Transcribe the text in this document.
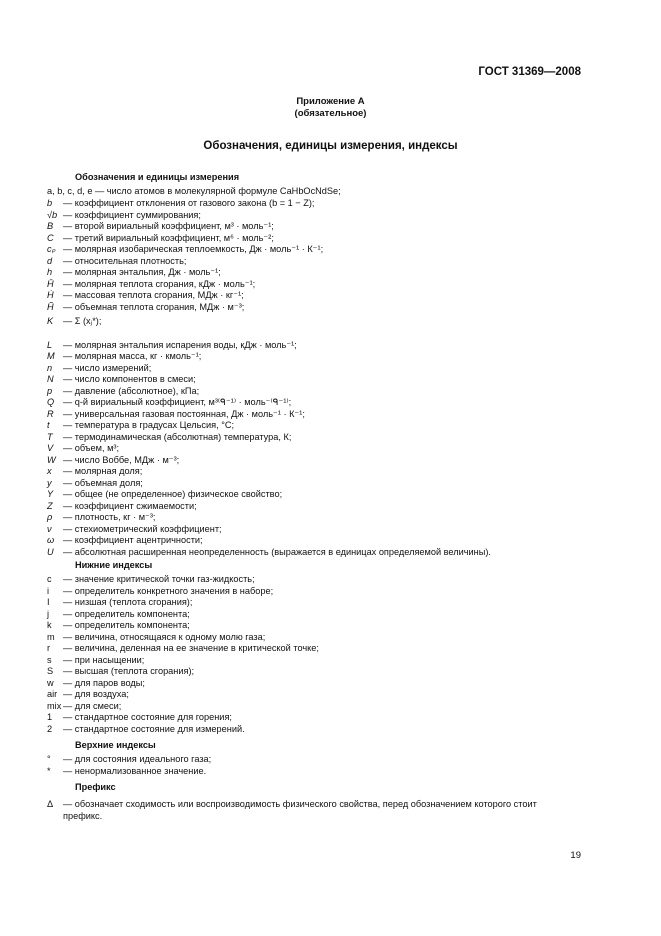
ГОСТ 31369—2008
Приложение А
(обязательное)
Обозначения, единицы измерения, индексы
Обозначения и единицы измерения
a, b, c, d, e — число атомов в молекулярной формуле CaHbOcNdSe;
b — коэффициент отклонения от газового закона (b = 1 − Z);
√b — коэффициент суммирования;
B — второй вириальный коэффициент, м³ · моль⁻¹;
C — третий вириальный коэффициент, м⁶ · моль⁻²;
cₚ — молярная изобарическая теплоемкость, Дж · моль⁻¹ · К⁻¹;
d — относительная плотность;
h — молярная энтальпия, Дж · моль⁻¹;
H̄ — молярная теплота сгорания, кДж · моль⁻¹;
Ḣ — массовая теплота сгорания, МДж · кг⁻¹;
H̃ — объемная теплота сгорания, МДж · м⁻³;
K — Σ (xⱼ*);
L — молярная энтальпия испарения воды, кДж · моль⁻¹;
M — молярная масса, кг · кмоль⁻¹;
n — число измерений;
N — число компонентов в смеси;
p — давление (абсолютное), кПа;
Q — q-й вириальный коэффициент, м³⁽ᑫ⁻¹⁾ · моль⁻⁽ᑫ⁻¹⁾;
R — универсальная газовая постоянная, Дж · моль⁻¹ · К⁻¹;
t — температура в градусах Цельсия, °С;
T — термодинамическая (абсолютная) температура, К;
V — объем, м³;
W — число Воббе, МДж · м⁻³;
x — молярная доля;
y — объемная доля;
Y — общее (не определенное) физическое свойство;
Z — коэффициент сжимаемости;
ρ — плотность, кг · м⁻³;
ν — стехиометрический коэффициент;
ω — коэффициент ацентричности;
U — абсолютная расширенная неопределенность (выражается в единицах определяемой величины).
Нижние индексы
c — значение критической точки газ-жидкость;
i — определитель конкретного значения в наборе;
I — низшая (теплота сгорания);
j — определитель компонента;
k — определитель компонента;
m — величина, относящаяся к одному молю газа;
r — величина, деленная на ее значение в критической точке;
s — при насыщении;
S — высшая (теплота сгорания);
w — для паров воды;
air — для воздуха;
mix — для смеси;
1 — стандартное состояние для горения;
2 — стандартное состояние для измерений.
Верхние индексы
° — для состояния идеального газа;
* — ненормализованное значение.
Префикс
Δ — обозначает сходимость или воспроизводимость физического свойства, перед обозначением которого стоит
префикс.
19
